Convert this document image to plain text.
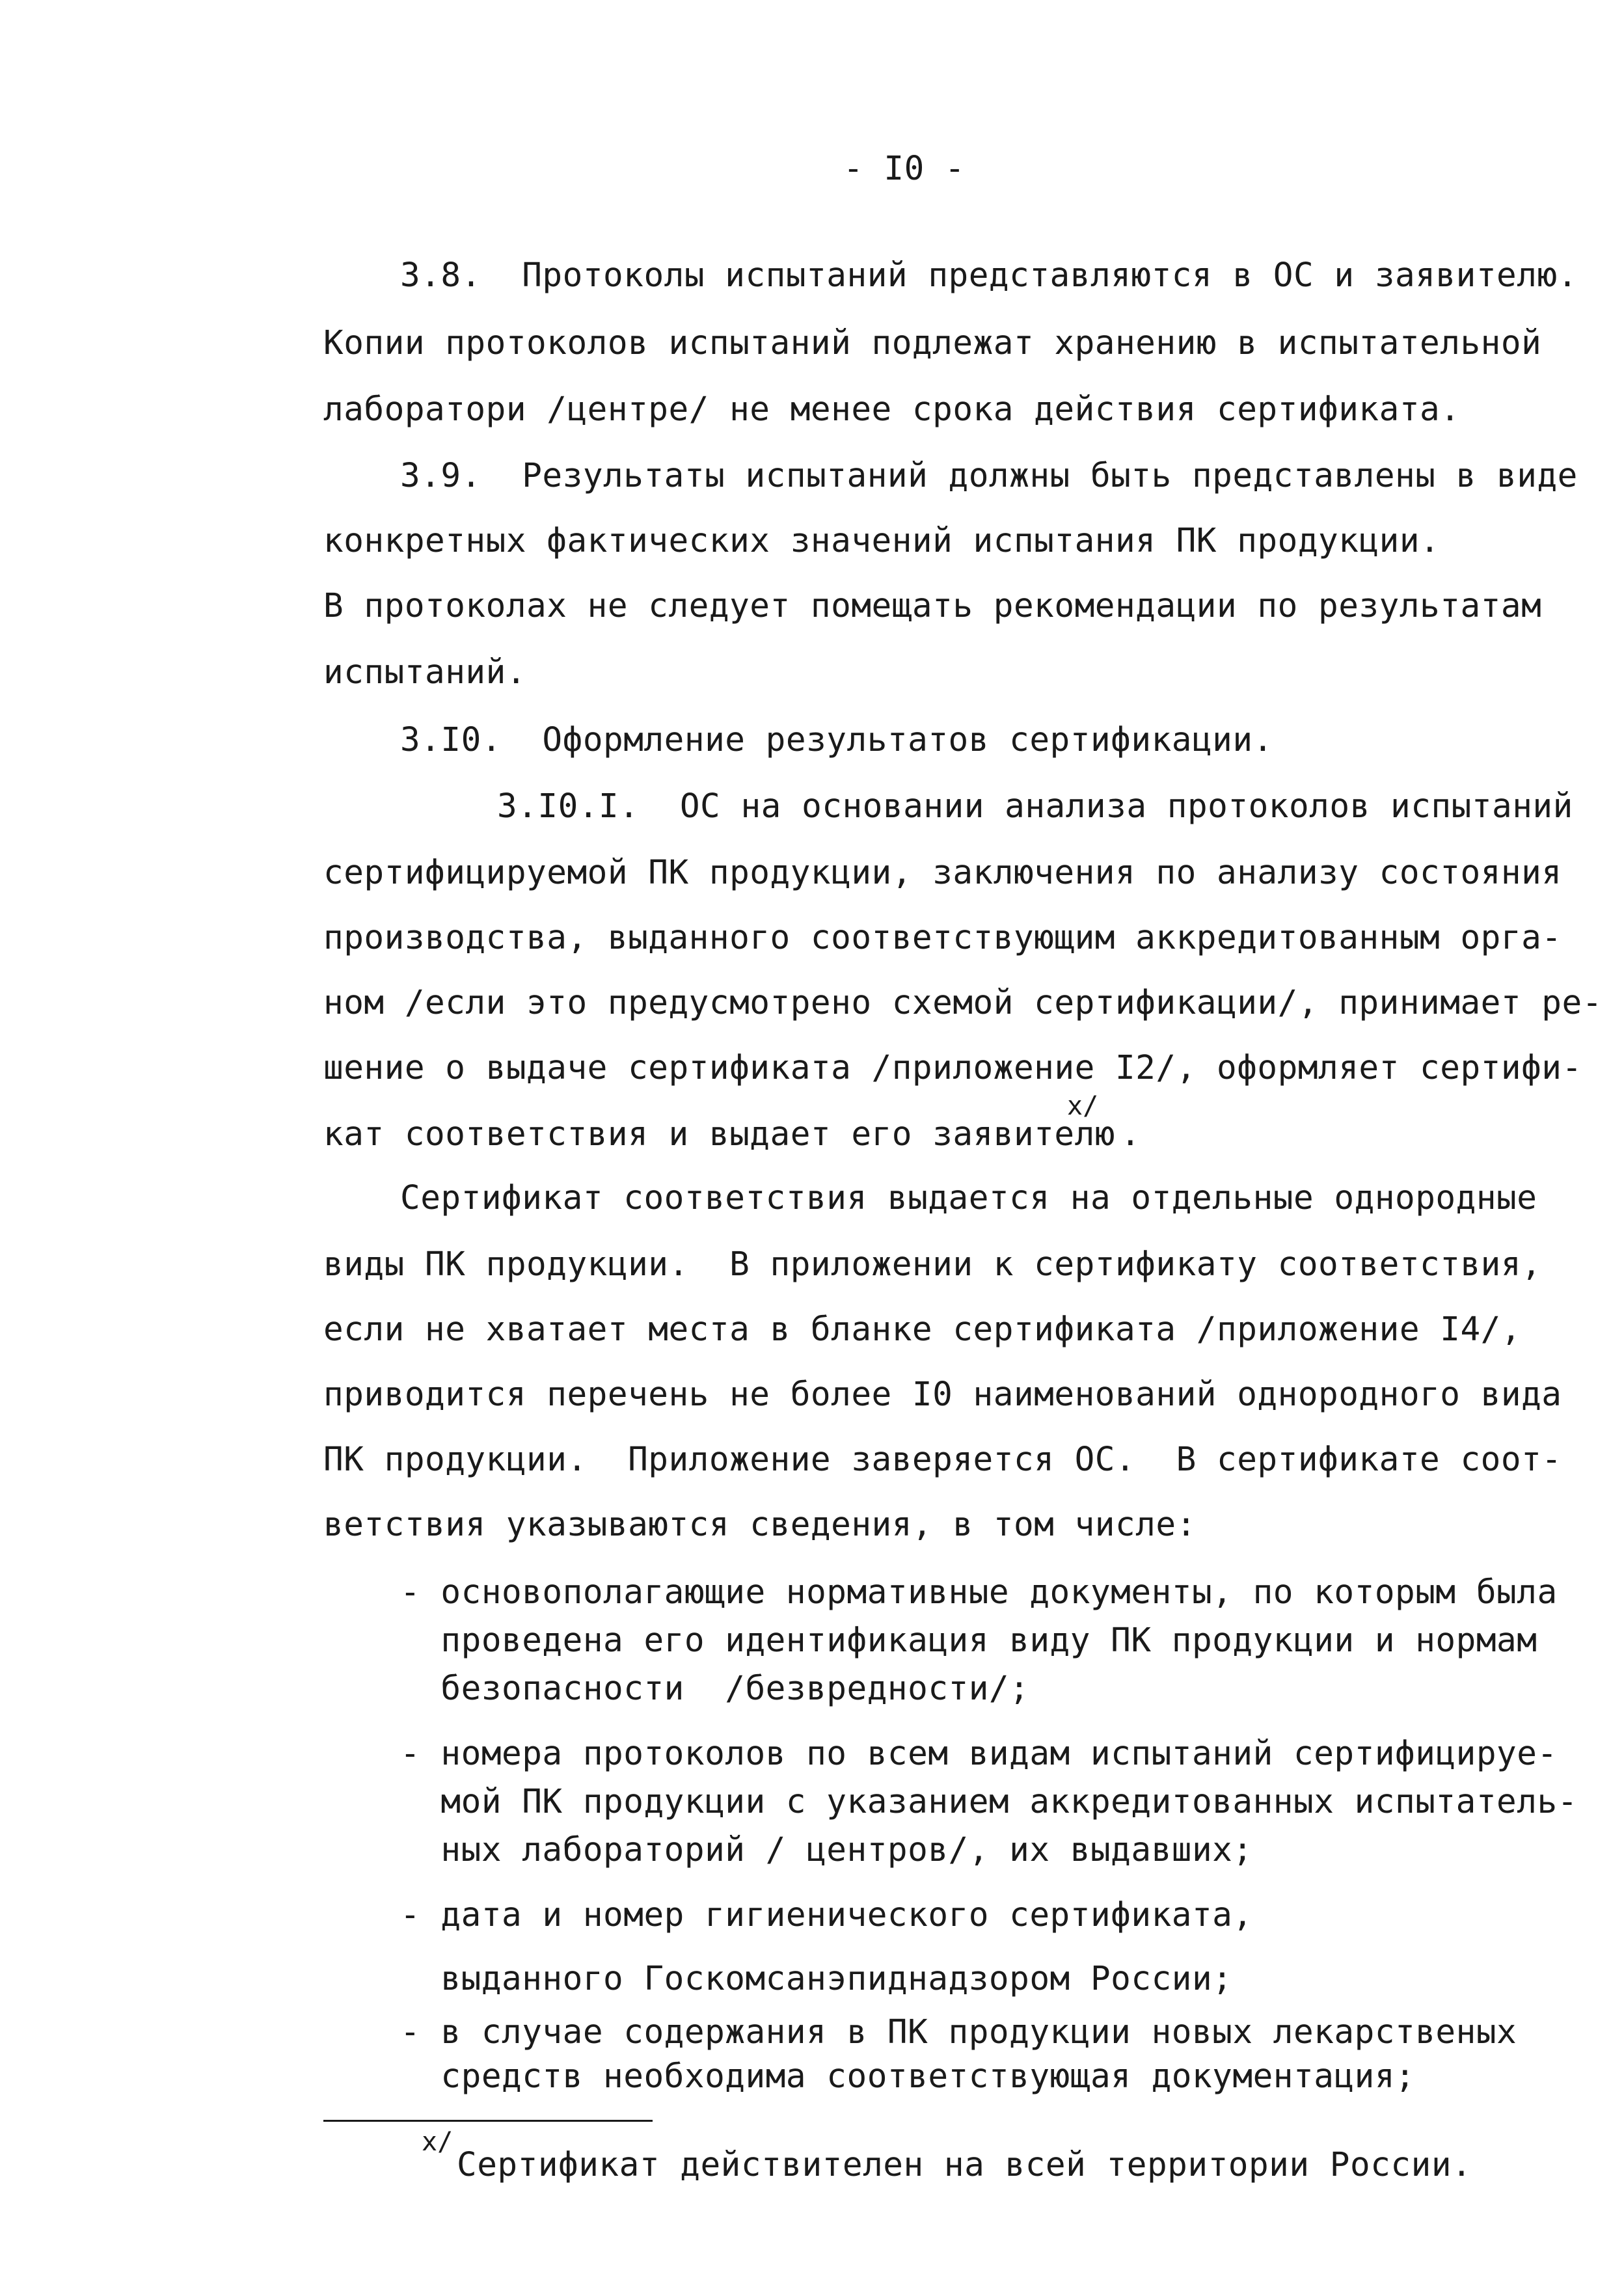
- I0 -
3.8.  Протоколы испытаний представляются в ОС и заявителю.
Копии протоколов испытаний подлежат хранению в испытательной
лаборатори /центре/ не менее срока действия сертификата.
3.9.  Результаты испытаний должны быть представлены в виде
конкретных фактических значений испытания ПК продукции.
В протоколах не следует помещать рекомендации по результатам
испытаний.
3.I0.  Оформление результатов сертификации.
3.I0.I.  ОС на основании анализа протоколов испытаний
сертифицируемой ПК продукции, заключения по анализу состояния
производства, выданного соответствующим аккредитованным орга-
ном /если это предусмотрено схемой сертификации/, принимает ре-
шение о выдаче сертификата /приложение I2/, оформляет сертифи-
кат соответствия и выдает его заявителю
x/
.
Сертификат соответствия выдается на отдельные однородные
виды ПК продукции.  В приложении к сертификату соответствия,
если не хватает места в бланке сертификата /приложение I4/,
приводится перечень не более I0 наименований однородного вида
ПК продукции.  Приложение заверяется ОС.  В сертификате соот-
ветствия указываются сведения, в том числе:
- основополагающие нормативные документы, по которым была
проведена его идентификация виду ПК продукции и нормам
безопасности  /безвредности/;
- номера протоколов по всем видам испытаний сертифицируе-
мой ПК продукции с указанием аккредитованных испытатель-
ных лабораторий / центров/, их выдавших;
- дата и номер гигиенического сертификата,
выданного Госкомсанэпиднадзором России;
- в случае содержания в ПК продукции новых лекарственых
средств необходима соответствующая документация;
x/
Сертификат действителен на всей территории России.
